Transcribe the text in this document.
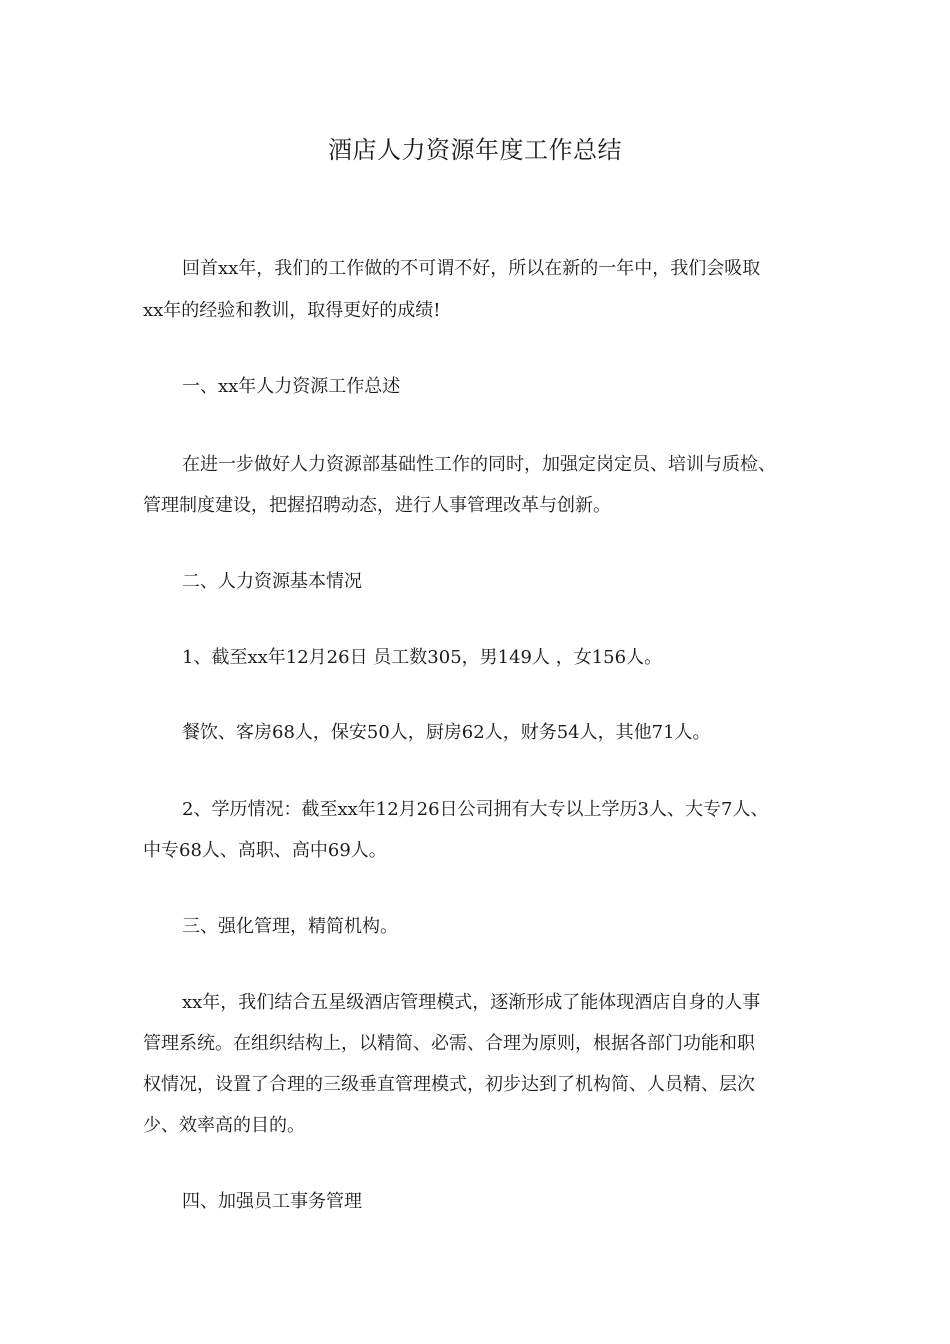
酒店人力资源年度工作总结

回首xx年，我们的工作做的不可谓不好，所以在新的一年中，我们会吸取

xx年的经验和教训，取得更好的成绩!

一、xx年人力资源工作总述

在进一步做好人力资源部基础性工作的同时，加强定岗定员、培训与质检、

管理制度建设，把握招聘动态，进行人事管理改革与创新。

二、人力资源基本情况

1、截至xx年12月26日 员工数305，男149人 ，女156人。

餐饮、客房68人，保安50人，厨房62人，财务54人，其他71人。

2、学历情况：截至xx年12月26日公司拥有大专以上学历3人、大专7人、

中专68人、高职、高中69人。

三、强化管理，精简机构。

xx年，我们结合五星级酒店管理模式，逐渐形成了能体现酒店自身的人事

管理系统。在组织结构上，以精简、必需、合理为原则，根据各部门功能和职

权情况，设置了合理的三级垂直管理模式，初步达到了机构简、人员精、层次

少、效率高的目的。

四、加强员工事务管理
